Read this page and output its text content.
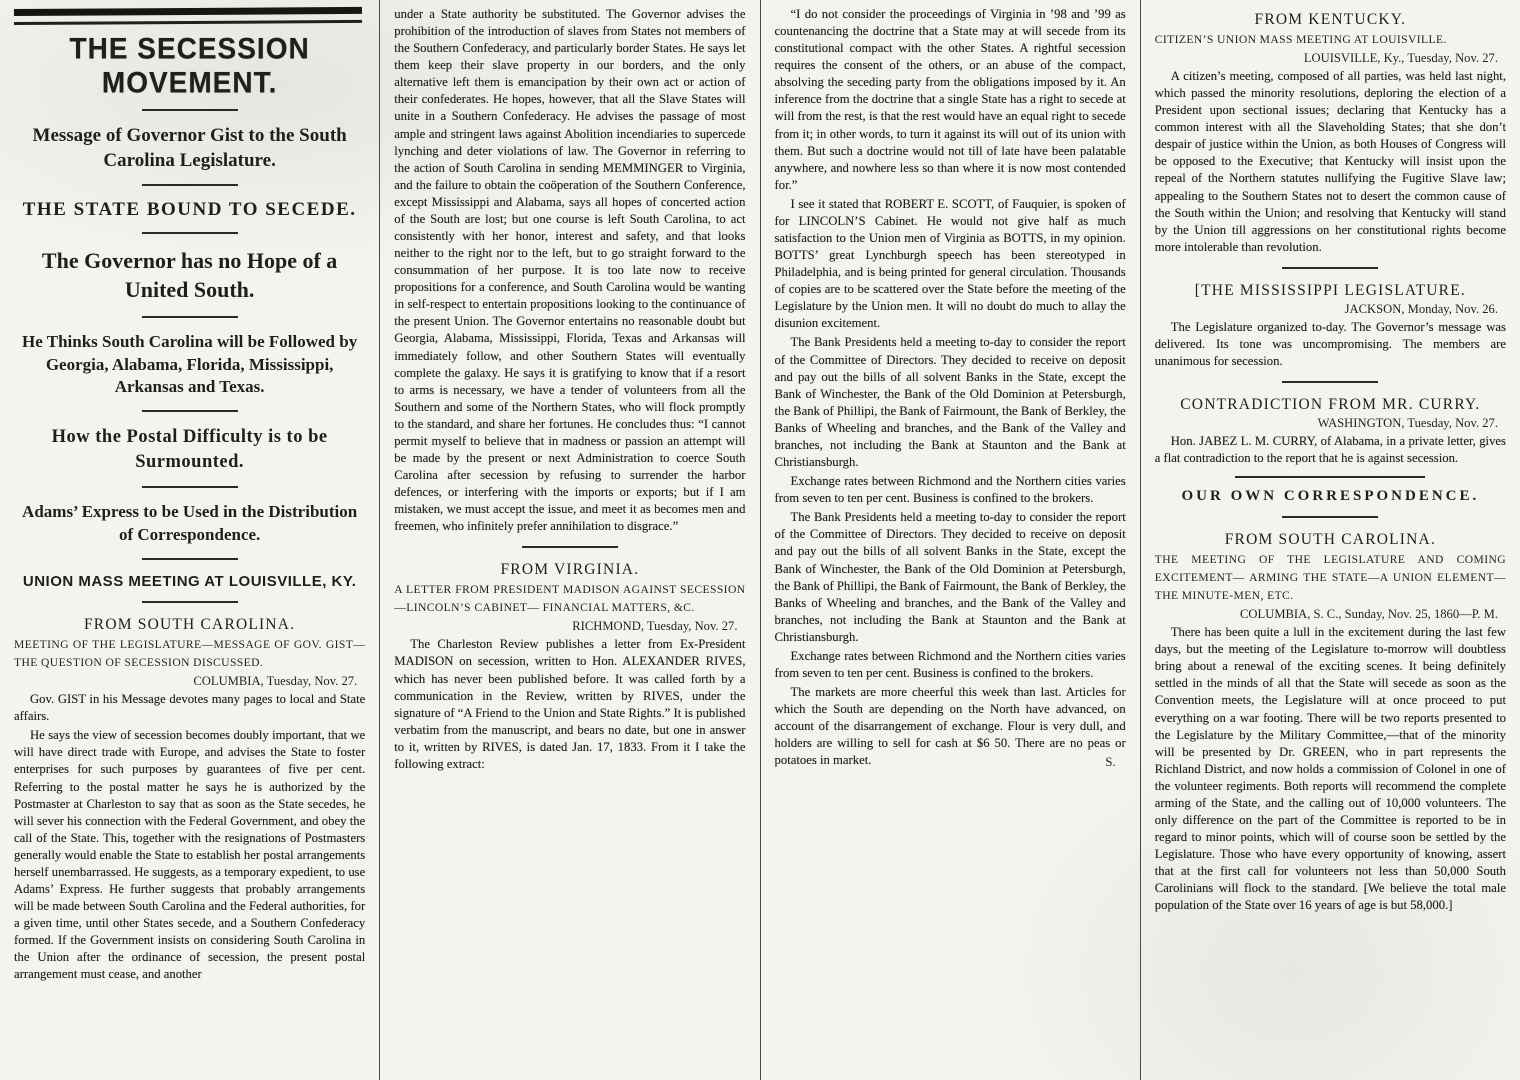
THE SECESSION MOVEMENT.
Message of Governor Gist to the South Carolina Legislature.
THE STATE BOUND TO SECEDE.
The Governor has no Hope of a United South.
He Thinks South Carolina will be Followed by Georgia, Alabama, Florida, Mississippi, Arkansas and Texas.
How the Postal Difficulty is to be Surmounted.
Adams’ Express to be Used in the Distribution of Correspondence.
UNION MASS MEETING AT LOUISVILLE, KY.
FROM SOUTH CAROLINA.
MEETING OF THE LEGISLATURE—MESSAGE OF GOV. GIST—THE QUESTION OF SECESSION DISCUSSED.
COLUMBIA, Tuesday, Nov. 27.
Gov. GIST in his Message devotes many pages to local and State affairs.
He says the view of secession becomes doubly important, that we will have direct trade with Europe, and advises the State to foster enterprises for such purposes by guarantees of five per cent. Referring to the postal matter he says he is authorized by the Postmaster at Charleston to say that as soon as the State secedes, he will sever his connection with the Federal Government, and obey the call of the State. This, together with the resignations of Postmasters generally would enable the State to establish her postal arrangements herself unembarrassed. He suggests, as a temporary expedient, to use Adams’ Express. He further suggests that probably arrangements will be made between South Carolina and the Federal authorities, for a given time, until other States secede, and a Southern Confederacy formed. If the Government insists on considering South Carolina in the Union after the ordinance of secession, the present postal arrangement must cease, and another
under a State authority be substituted. The Governor advises the prohibition of the introduction of slaves from States not members of the Southern Confederacy, and particularly border States. He says let them keep their slave property in our borders, and the only alternative left them is emancipation by their own act or action of their confederates. He hopes, however, that all the Slave States will unite in a Southern Confederacy. He advises the passage of most ample and stringent laws against Abolition incendiaries to supercede lynching and deter violations of law. The Governor in referring to the action of South Carolina in sending MEMMINGER to Virginia, and the failure to obtain the coöperation of the Southern Conference, except Mississippi and Alabama, says all hopes of concerted action of the South are lost; but one course is left South Carolina, to act consistently with her honor, interest and safety, and that looks neither to the right nor to the left, but to go straight forward to the consummation of her purpose. It is too late now to receive propositions for a conference, and South Carolina would be wanting in self-respect to entertain propositions looking to the continuance of the present Union. The Governor entertains no reasonable doubt but Georgia, Alabama, Mississippi, Florida, Texas and Arkansas will immediately follow, and other Southern States will eventually complete the galaxy. He says it is gratifying to know that if a resort to arms is necessary, we have a tender of volunteers from all the Southern and some of the Northern States, who will flock promptly to the standard, and share her fortunes. He concludes thus: “I cannot permit myself to believe that in madness or passion an attempt will be made by the present or next Administration to coerce South Carolina after secession by refusing to surrender the harbor defences, or interfering with the imports or exports; but if I am mistaken, we must accept the issue, and meet it as becomes men and freemen, who infinitely prefer annihilation to disgrace.”
FROM VIRGINIA.
A LETTER FROM PRESIDENT MADISON AGAINST SECESSION—LINCOLN’S CABINET— FINANCIAL MATTERS, &C.
RICHMOND, Tuesday, Nov. 27.
The Charleston Review publishes a letter from Ex-President MADISON on secession, written to Hon. ALEXANDER RIVES, which has never been published before. It was called forth by a communication in the Review, written by RIVES, under the signature of “A Friend to the Union and State Rights.” It is published verbatim from the manuscript, and bears no date, but one in answer to it, written by RIVES, is dated Jan. 17, 1833. From it I take the following extract:
“I do not consider the proceedings of Virginia in ’98 and ’99 as countenancing the doctrine that a State may at will secede from its constitutional compact with the other States. A rightful secession requires the consent of the others, or an abuse of the compact, absolving the seceding party from the obligations imposed by it. An inference from the doctrine that a single State has a right to secede at will from the rest, is that the rest would have an equal right to secede from it; in other words, to turn it against its will out of its union with them. But such a doctrine would not till of late have been palatable anywhere, and nowhere less so than where it is now most contended for.”
I see it stated that ROBERT E. SCOTT, of Fauquier, is spoken of for LINCOLN’S Cabinet. He would not give half as much satisfaction to the Union men of Virginia as BOTTS, in my opinion. BOTTS’ great Lynchburgh speech has been stereotyped in Philadelphia, and is being printed for general circulation. Thousands of copies are to be scattered over the State before the meeting of the Legislature by the Union men. It will no doubt do much to allay the disunion excitement.
The Bank Presidents held a meeting to-day to consider the report of the Committee of Directors. They decided to receive on deposit and pay out the bills of all solvent Banks in the State, except the Bank of Winchester, the Bank of the Old Dominion at Petersburgh, the Bank of Phillipi, the Bank of Fairmount, the Bank of Berkley, the Banks of Wheeling and branches, and the Bank of the Valley and branches, not including the Bank at Staunton and the Bank at Christiansburgh.
Exchange rates between Richmond and the Northern cities varies from seven to ten per cent. Business is confined to the brokers.
The Bank Presidents held a meeting to-day to consider the report of the Committee of Directors. They decided to receive on deposit and pay out the bills of all solvent Banks in the State, except the Bank of Winchester, the Bank of the Old Dominion at Petersburgh, the Bank of Phillipi, the Bank of Fairmount, the Bank of Berkley, the Banks of Wheeling and branches, and the Bank of the Valley and branches, not including the Bank at Staunton and the Bank at Christiansburgh.
Exchange rates between Richmond and the Northern cities varies from seven to ten per cent. Business is confined to the brokers.
The markets are more cheerful this week than last. Articles for which the South are depending on the North have advanced, on account of the disarrangement of exchange. Flour is very dull, and holders are willing to sell for cash at $6 50. There are no peas or potatoes in market.	S.
FROM KENTUCKY.
CITIZEN’S UNION MASS MEETING AT LOUISVILLE.
LOUISVILLE, Ky., Tuesday, Nov. 27.
A citizen’s meeting, composed of all parties, was held last night, which passed the minority resolutions, deploring the election of a President upon sectional issues; declaring that Kentucky has a common interest with all the Slaveholding States; that she don’t despair of justice within the Union, as both Houses of Congress will be opposed to the Executive; that Kentucky will insist upon the repeal of the Northern statutes nullifying the Fugitive Slave law; appealing to the Southern States not to desert the common cause of the South within the Union; and resolving that Kentucky will stand by the Union till aggressions on her constitutional rights become more intolerable than revolution.
[THE MISSISSIPPI LEGISLATURE.
JACKSON, Monday, Nov. 26.
The Legislature organized to-day. The Governor’s message was delivered. Its tone was uncompromising. The members are unanimous for secession.
CONTRADICTION FROM MR. CURRY.
WASHINGTON, Tuesday, Nov. 27.
Hon. JABEZ L. M. CURRY, of Alabama, in a private letter, gives a flat contradiction to the report that he is against secession.
OUR OWN CORRESPONDENCE.
FROM SOUTH CAROLINA.
THE MEETING OF THE LEGISLATURE AND COMING EXCITEMENT— ARMING THE STATE—A UNION ELEMENT—THE MINUTE-MEN, ETC.
COLUMBIA, S. C., Sunday, Nov. 25, 1860—P. M.
There has been quite a lull in the excitement during the last few days, but the meeting of the Legislature to-morrow will doubtless bring about a renewal of the exciting scenes. It being definitely settled in the minds of all that the State will secede as soon as the Convention meets, the Legislature will at once proceed to put everything on a war footing. There will be two reports presented to the Legislature by the Military Committee,—that of the minority will be presented by Dr. GREEN, who in part represents the Richland District, and now holds a commission of Colonel in one of the volunteer regiments. Both reports will recommend the complete arming of the State, and the calling out of 10,000 volunteers. The only difference on the part of the Committee is reported to be in regard to minor points, which will of course soon be settled by the Legislature. Those who have every opportunity of knowing, assert that at the first call for volunteers not less than 50,000 South Carolinians will flock to the standard. [We believe the total male population of the State over 16 years of age is but 58,000.]
